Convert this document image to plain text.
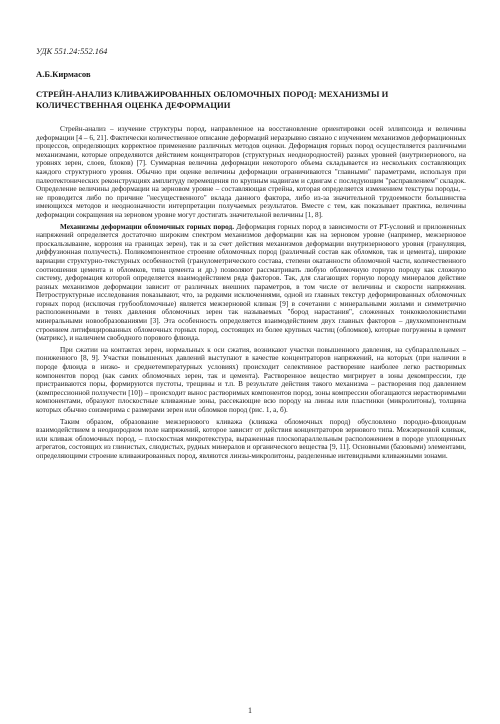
УДК 551.24:552.164
А.Б.Кирмасов
СТРЕЙН-АНАЛИЗ КЛИВАЖИРОВАННЫХ ОБЛОМОЧНЫХ ПОРОД: МЕХАНИЗМЫ И КОЛИЧЕСТВЕННАЯ ОЦЕНКА ДЕФОРМАЦИИ

Стрейн-анализ – изучение структуры пород, направленное на восстановление ориентировки осей эллипсоида и величины деформации [4 – 6, 21]. Фактически количественное описание деформаций неразрывно связано с изучением механизмов деформационных процессов, определяющих корректное применение различных методов оценки. Деформация горных пород осуществляется различными механизмами, которые определяются действием концентраторов (структурных неоднородностей) разных уровней (внутризернового, на уровнях зерен, слоев, блоков) [7]. Суммарная величина деформации некоторого объема складывается из нескольких составляющих каждого структурного уровня. Обычно при оценке величины деформации ограничиваются "главными" параметрами, используя при палеотектонических реконструкциях амплитуду перемещения по крупным надвигам и сдвигам с последующим "расправлением" складок. Определение величины деформации на зерновом уровне – составляющая стрейна, которая определяется изменением текстуры породы, – не проводится либо по причине "несущественного" вклада данного фактора, либо из-за значительной трудоемкости большинства имеющихся методов и неоднозначности интерпретации получаемых результатов. Вместе с тем, как показывает практика, величины деформации сокращения на зерновом уровне могут достигать значительной величины [1, 8].

Механизмы деформации обломочных горных пород. Деформация горных пород в зависимости от PT-условий и приложенных напряжений определяется достаточно широким спектром механизмов деформации как на зерновом уровне (например, межзерновое проскальзывание, коррозия на границах зерен), так и за счет действия механизмов деформации внутризернового уровня (грануляция, диффузионная ползучесть). Поликомпонентное строение обломочных пород (различный состав как обломков, так и цемента), широкие вариации структурно-текстурных особенностей (гранулометрического состава, степени окатанности обломочной части, количественного соотношения цемента и обломков, типа цемента и др.) позволяют рассматривать любую обломочную горную породу как сложную систему, деформация которой определяется взаимодействием ряда факторов. Так, для слагающих горную породу минералов действие разных механизмов деформации зависит от различных внешних параметров, в том числе от величины и скорости напряжения. Петроструктурные исследования показывают, что, за редкими исключениями, одной из главных текстур деформированных обломочных горных пород (исключая грубообломочные) является межзерновой кливаж [9] в сочетании с минеральными жилами и симметрично расположенными в тенях давления обломочных зерен так называемых "бород нарастания", сложенных тонкокволокнистыми минеральными новообразованиями [3]. Эта особенность определяется взаимодействием двух главных факторов – двухкомпонентным строением литифицированных обломочных горных пород, состоящих из более крупных частиц (обломков), которые погружены в цемент (матрикс), и наличием свободного порового флюида.

При сжатии на контактах зерен, нормальных к оси сжатия, возникают участки повышенного давления, на субпараллельных – пониженного [8, 9]. Участки повышенных давлений выступают в качестве концентраторов напряжений, на которых (при наличии в породе флюида в низко- и среднетемпературных условиях) происходит селективное растворение наиболее легко растворимых компонентов пород (как самих обломочных зерен, так и цемента). Растворенное вещество мигрирует в зоны декомпрессии, где пристраиваются поры, формируются пустоты, трещины и т.п. В результате действия такого механизма – растворения под давлением (компрессионной ползучести [10]) – происходит вынос растворимых компонентов пород, зоны компрессии обогащаются нерастворимыми компонентами, образуют плоскостные кливажные зоны, рассекающие всю породу на линзы или пластинки (микролитоны), толщина которых обычно соизмерима с размерами зерен или обломков пород (рис. 1, а, б).

Таким образом, образование межзернового кливажа (кливажа обломочных пород) обусловлено породно-флюидным взаимодействием в неоднородном поле напряжений, которое зависит от действия концентраторов зернового типа. Межзерновой кливаж, или кливаж обломочных пород, – плоскостная микротекстура, выраженная плоскопараллельным расположением в породе уплощенных агрегатов, состоящих из глинистых, слюдистых, рудных минералов и органического вещества [9, 11]. Основными (базовыми) элементами, определяющими строение кливажированных пород, являются линзы-микролитоны, разделенные интевидными кливажными зонами.

1
